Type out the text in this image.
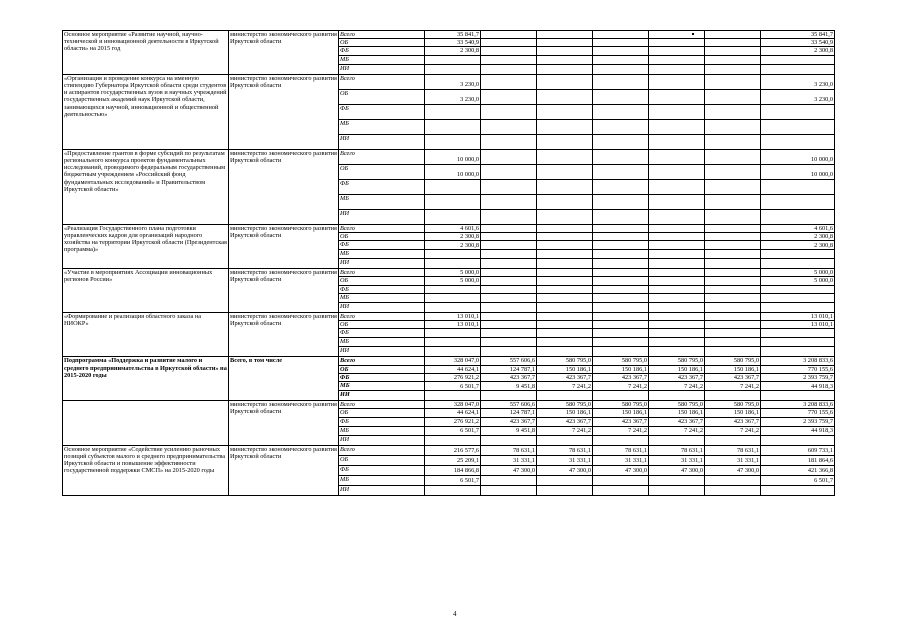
Основное мероприятие «Развитие научной, научно-технической и инновационной деятельности в Иркутской области» на 2015 год	министерство экономического развития Иркутской области	Всего	35 841,7						35 841,7
		ОБ	33 540,9						33 540,9
		ФБ	2 300,8						2 300,8
		МБ							
		ИИ							
«Организация и проведение конкурса на именную стипендию Губернатора Иркутской области среди студентов и аспирантов государственных вузов и научных учреждений государственных академий наук Иркутской области, занимающихся научной, инновационной и общественной деятельностью»	министерство экономического развития Иркутской области	Всего	3 230,0						3 230,0
		ОБ	3 230,0						3 230,0
		ФБ							
		МБ							
		ИИ							
«Предоставление грантов в форме субсидий по результатам регионального конкурса проектов фундаментальных исследований, проводимого федеральным государственным бюджетным учреждением «Российский фонд фундаментальных исследований» и Правительством Иркутской области»	министерство экономического развития Иркутской области	Всего	10 000,0						10 000,0
		ОБ	10 000,0						10 000,0
		ФБ							
		МБ							
		ИИ							
«Реализация Государственного плана подготовки управленческих кадров для организаций народного хозяйства на территории Иркутской области (Президентская программа)»	министерство экономического развития Иркутской области	Всего	4 601,6						4 601,6
		ОБ	2 300,8						2 300,8
		ФБ	2 300,8						2 300,8
		МБ							
		ИИ							
«Участие в мероприятиях Ассоциации инновационных регионов России»	министерство экономического развития Иркутской области	Всего	5 000,0						5 000,0
		ОБ	5 000,0						5 000,0
		ФБ							
		МБ							
		ИИ							
«Формирование и реализация областного заказа на НИОКР»	министерство экономического развития Иркутской области	Всего	13 010,1						13 010,1
		ОБ	13 010,1						13 010,1
		ФБ							
		МБ							
		ИИ							
Подпрограмма «Поддержка и развитие малого и среднего предпринимательства в Иркутской области» на 2015-2020 годы	Всего, в том числе	Всего	328 047,0	557 606,6	580 795,0	580 795,0	580 795,0	580 795,0	3 208 833,6
		ОБ	44 624,1	124 787,1	150 186,1	150 186,1	150 186,1	150 186,1	770 155,6
		ФБ	276 921,2	423 367,7	423 367,7	423 367,7	423 367,7	423 367,7	2 393 759,7
		МБ	6 501,7	9 451,8	7 241,2	7 241,2	7 241,2	7 241,2	44 918,3
		ИИ							
	министерство экономического развития Иркутской области	Всего	328 047,0	557 606,6	580 795,0	580 795,0	580 795,0	580 795,0	3 208 833,6
		ОБ	44 624,1	124 787,1	150 186,1	150 186,1	150 186,1	150 186,1	770 155,6
		ФБ	276 921,2	423 367,7	423 367,7	423 367,7	423 367,7	423 367,7	2 393 759,7
		МБ	6 501,7	9 451,8	7 241,2	7 241,2	7 241,2	7 241,2	44 918,3
		ИИ							
Основное мероприятие «Содействие усилению рыночных позиций субъектов малого и среднего предпринимательства Иркутской области и повышение эффективности государственной поддержки СМСП» на 2015-2020 годы	министерство экономического развития Иркутской области	Всего	216 577,6	78 631,1	78 631,1	78 631,1	78 631,1	78 631,1	609 733,1
		ОБ	25 209,1	31 331,1	31 331,1	31 331,1	31 331,1	31 331,1	181 864,6
		ФБ	184 866,8	47 300,0	47 300,0	47 300,0	47 300,0	47 300,0	421 366,8
		МБ	6 501,7						6 501,7
		ИИ							
4
